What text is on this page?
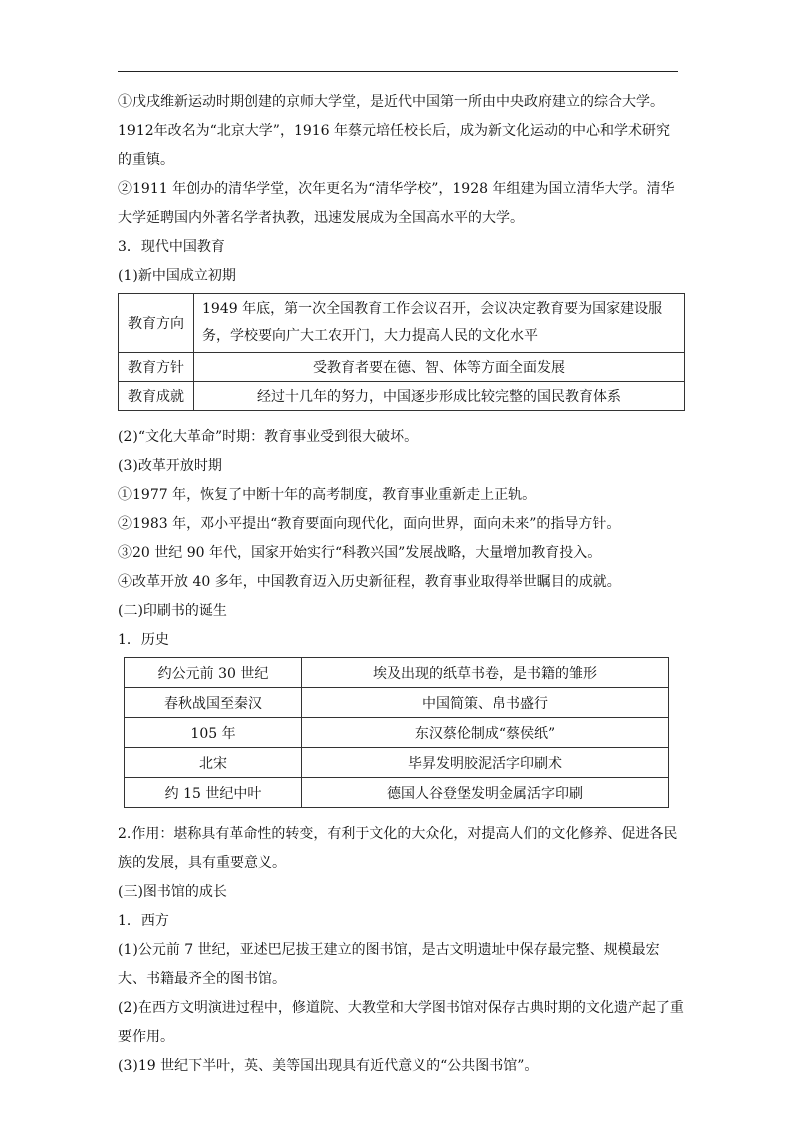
①戊戌维新运动时期创建的京师大学堂，是近代中国第一所由中央政府建立的综合大学。1912年改名为“北京大学”，1916 年蔡元培任校长后，成为新文化运动的中心和学术研究的重镇。

②1911 年创办的清华学堂，次年更名为“清华学校”，1928 年组建为国立清华大学。清华大学延聘国内外著名学者执教，迅速发展成为全国高水平的大学。

3．现代中国教育

(1)新中国成立初期

教育方向	1949 年底，第一次全国教育工作会议召开，会议决定教育要为国家建设服务，学校要向广大工农开门，大力提高人民的文化水平
教育方针	受教育者要在德、智、体等方面全面发展
教育成就	经过十几年的努力，中国逐步形成比较完整的国民教育体系

(2)“文化大革命”时期：教育事业受到很大破坏。

(3)改革开放时期

①1977 年，恢复了中断十年的高考制度，教育事业重新走上正轨。

②1983 年，邓小平提出“教育要面向现代化，面向世界，面向未来”的指导方针。

③20 世纪 90 年代，国家开始实行“科教兴国”发展战略，大量增加教育投入。

④改革开放 40 多年，中国教育迈入历史新征程，教育事业取得举世瞩目的成就。

(二)印刷书的诞生

1．历史

约公元前 30 世纪	埃及出现的纸草书卷，是书籍的雏形
春秋战国至秦汉	中国简策、帛书盛行
105 年	东汉蔡伦制成“蔡侯纸”
北宋	毕昇发明胶泥活字印刷术
约 15 世纪中叶	德国人谷登堡发明金属活字印刷

2.作用：堪称具有革命性的转变，有利于文化的大众化，对提高人们的文化修养、促进各民族的发展，具有重要意义。

(三)图书馆的成长

1．西方

(1)公元前 7 世纪，亚述巴尼拔王建立的图书馆，是古文明遗址中保存最完整、规模最宏大、书籍最齐全的图书馆。

(2)在西方文明演进过程中，修道院、大教堂和大学图书馆对保存古典时期的文化遗产起了重要作用。

(3)19 世纪下半叶，英、美等国出现具有近代意义的“公共图书馆”。
